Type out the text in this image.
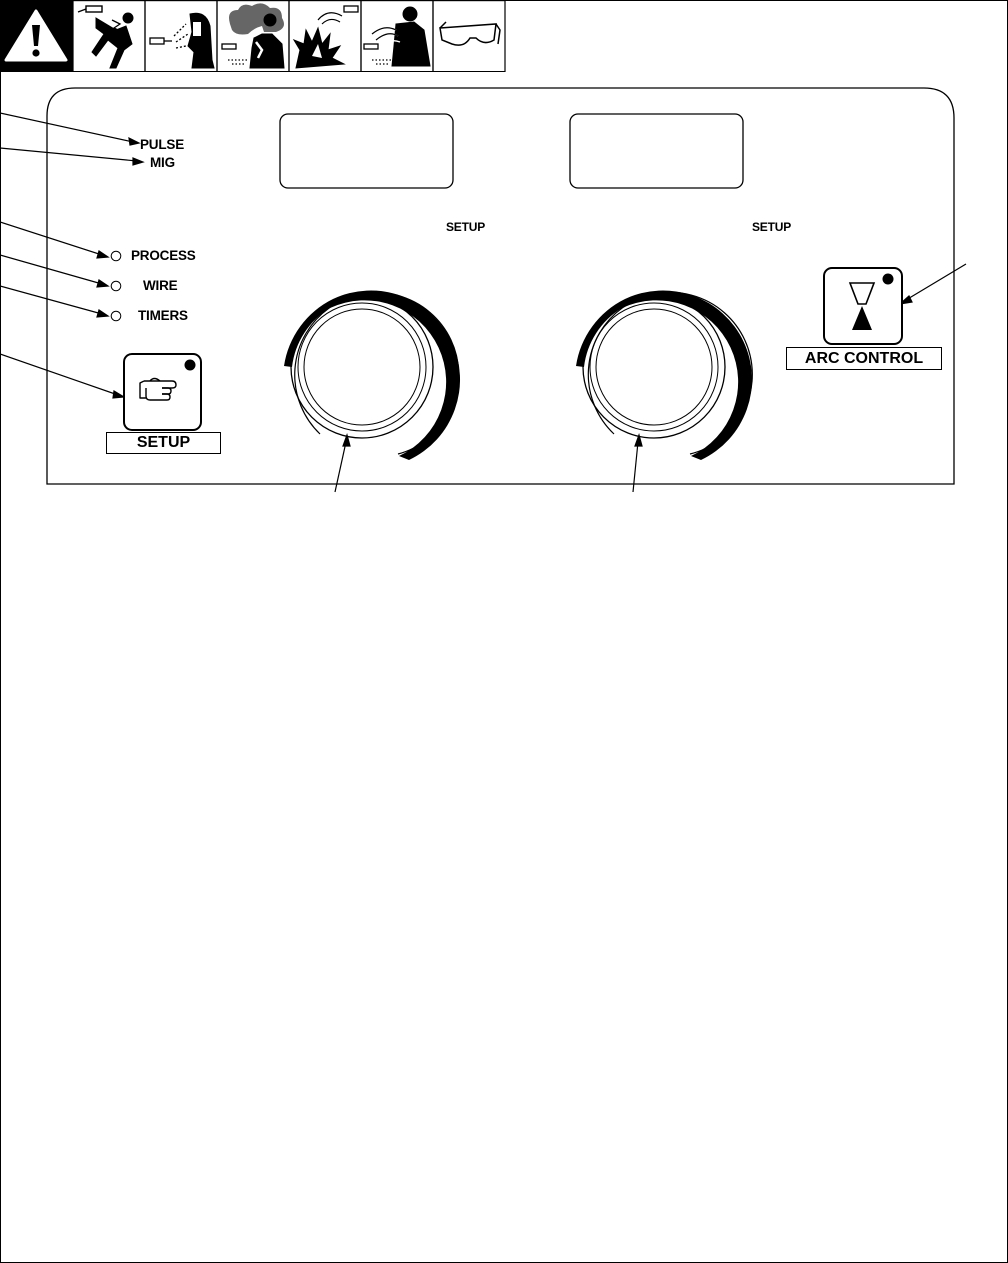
PULSE
MIG
SETUP	SETUP
PROCESS
WIRE
TIMERS
SETUP
ARC CONTROL
